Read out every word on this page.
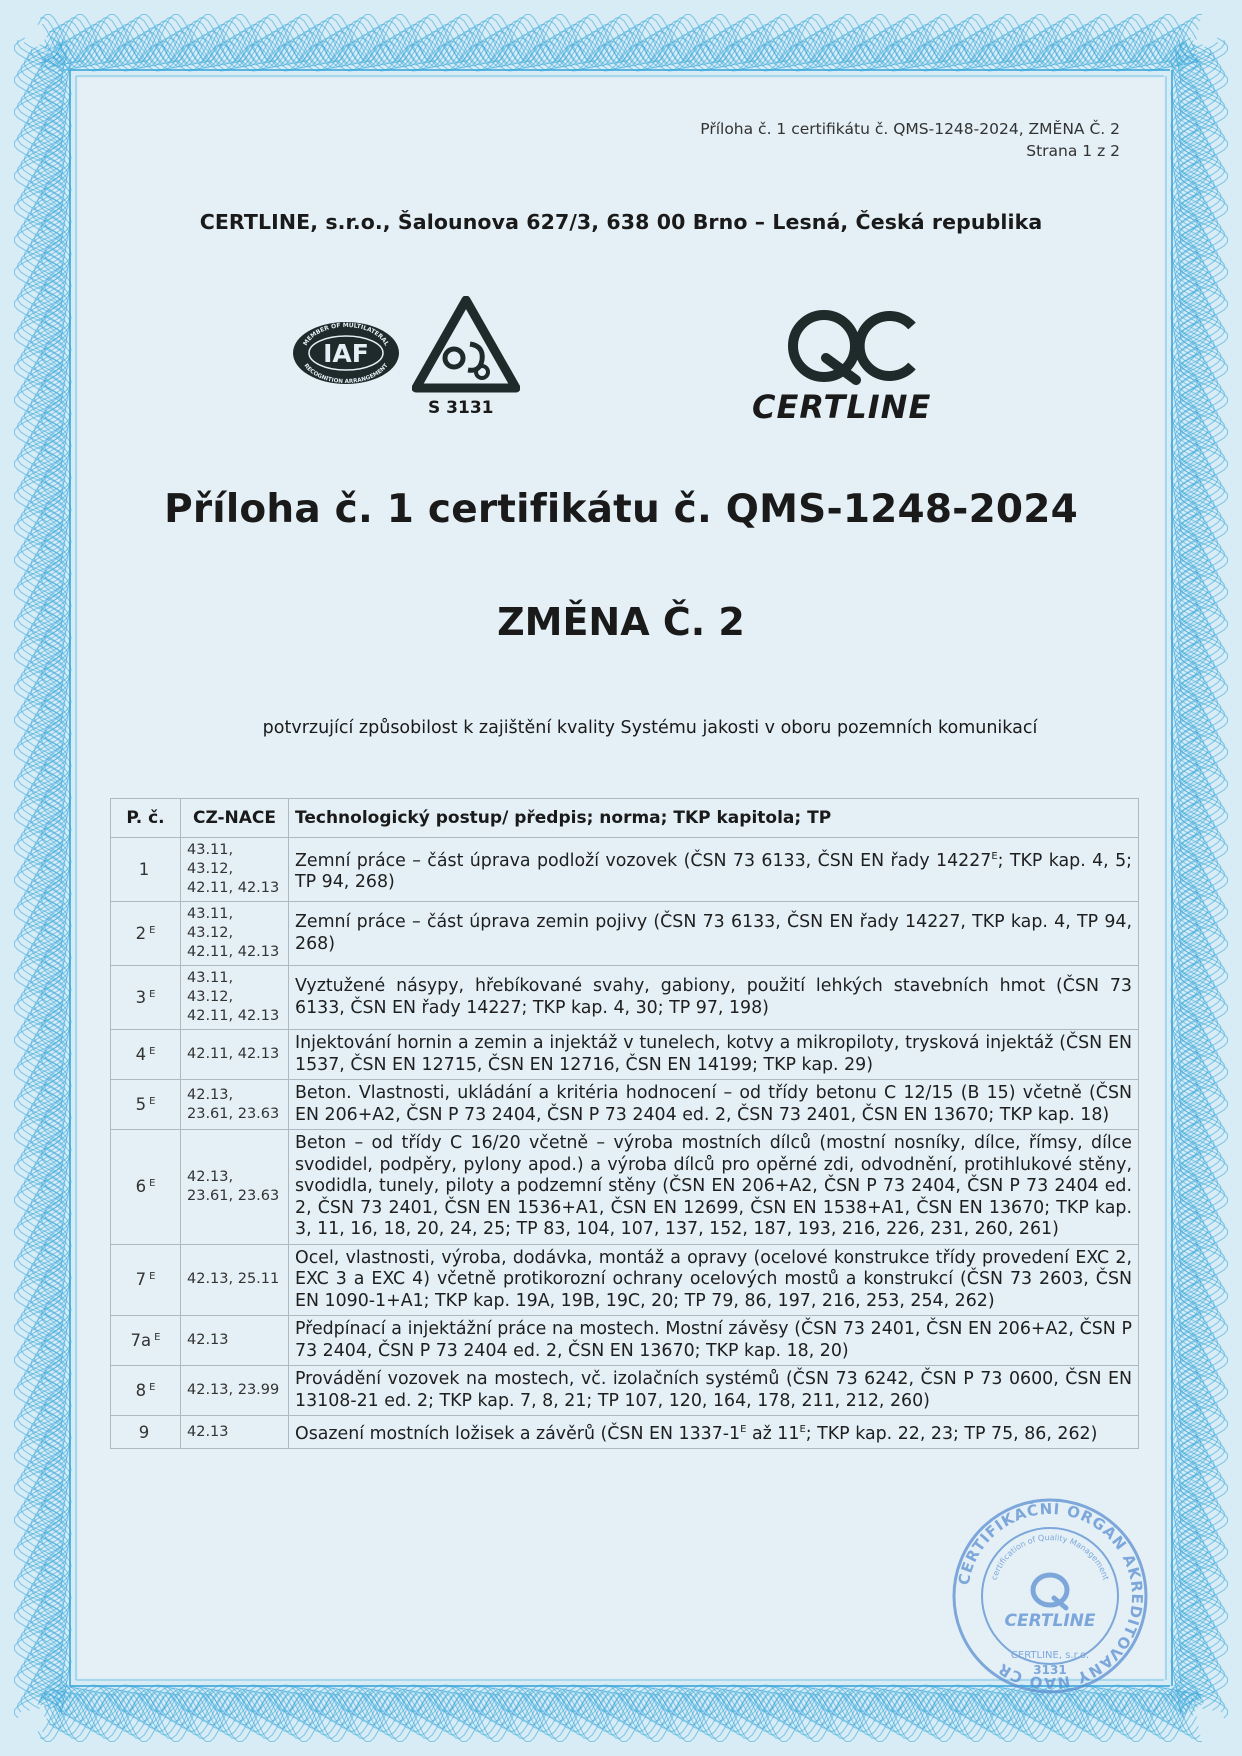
Příloha č. 1 certifikátu č. QMS-1248-2024, ZMĚNA Č. 2
Strana 1 z 2
CERTLINE, s.r.o., Šalounova 627/3, 638 00 Brno – Lesná, Česká republika
MEMBER OF MULTILATERAL
RECOGNITION ARRANGEMENT
IAF
S 3131
QC
CERTLINE
Příloha č. 1 certifikátu č. QMS-1248-2024
ZMĚNA Č. 2
potvrzující způsobilost k zajištění kvality Systému jakosti v oboru pozemních komunikací
P. č.	CZ-NACE	Technologický postup/ předpis; norma; TKP kapitola; TP
1	43.11, 43.12, 42.11, 42.13	Zemní práce – část úprava podloží vozovek (ČSN 73 6133, ČSN EN řady $14227^E$; TKP kap. 4, 5; TP 94, 268)
2 $^E$	43.11, 43.12, 42.11, 42.13	Zemní práce – část úprava zemin pojivy (ČSN 73 6133, ČSN EN řady 14227, TKP kap. 4, TP 94, 268)
3 $^E$	43.11, 43.12, 42.11, 42.13	Vyztužené násypy, hřebíkované svahy, gabiony, použití lehkých stavebních hmot (ČSN 73 6133, ČSN EN řady 14227; TKP kap. 4, 30; TP 97, 198)
4 $^E$	42.11, 42.13	Injektování hornin a zemin a injektáž v tunelech, kotvy a mikropiloty, trysková injektáž (ČSN EN 1537, ČSN EN 12715, ČSN EN 12716, ČSN EN 14199; TKP kap. 29)
5 $^E$	42.13, 23.61, 23.63	Beton. Vlastnosti, ukládání a kritéria hodnocení – od třídy betonu C 12/15 (B 15) včetně (ČSN EN 206+A2, ČSN P 73 2404, ČSN P 73 2404 ed. 2, ČSN 73 2401, ČSN EN 13670; TKP kap. 18)
6 $^E$	42.13, 23.61, 23.63	Beton – od třídy C 16/20 včetně – výroba mostních dílců (mostní nosníky, dílce, římsy, dílce svodidel, podpěry, pylony apod.) a výroba dílců pro opěrné zdi, odvodnění, protihlukové stěny, svodidla, tunely, piloty a podzemní stěny (ČSN EN 206+A2, ČSN P 73 2404, ČSN P 73 2404 ed. 2, ČSN 73 2401, ČSN EN 1536+A1, ČSN EN 12699, ČSN EN 1538+A1, ČSN EN 13670; TKP kap. 3, 11, 16, 18, 20, 24, 25; TP 83, 104, 107, 137, 152, 187, 193, 216, 226, 231, 260, 261)
7 $^E$	42.13, 25.11	Ocel, vlastnosti, výroba, dodávka, montáž a opravy (ocelové konstrukce třídy provedení EXC 2, EXC 3 a EXC 4) včetně protikorozní ochrany ocelových mostů a konstrukcí (ČSN 73 2603, ČSN EN 1090-1+A1; TKP kap. 19A, 19B, 19C, 20; TP 79, 86, 197, 216, 253, 254, 262)
7a $^E$	42.13	Předpínací a injektážní práce na mostech. Mostní závěsy (ČSN 73 2401, ČSN EN 206+A2, ČSN P 73 2404, ČSN P 73 2404 ed. 2, ČSN EN 13670; TKP kap. 18, 20)
8 $^E$	42.13, 23.99	Provádění vozovek na mostech, vč. izolačních systémů (ČSN 73 6242, ČSN P 73 0600, ČSN EN 13108-21 ed. 2; TKP kap. 7, 8, 21; TP 107, 120, 164, 178, 211, 212, 260)
9	42.13	Osazení mostních ložisek a závěrů (ČSN EN $1337-1^E$ až $11^E$; TKP kap. 22, 23; TP 75, 86, 262)
CERTIFIKAČNÍ ORGÁN AKREDITOVANÝ NAO CR
certification of Quality Management
CERTLINE
CERTLINE, s.r.o.
3131
